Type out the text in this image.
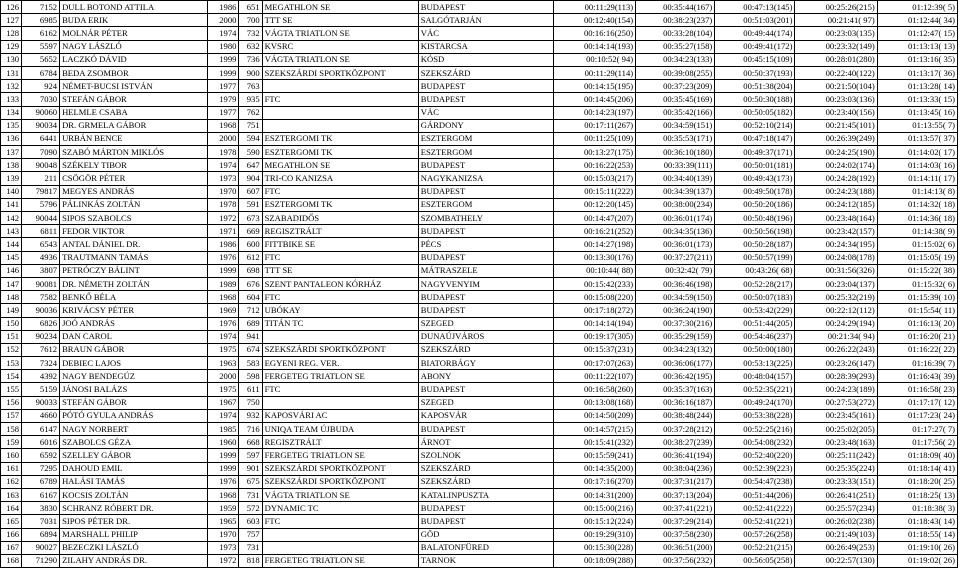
126	7152	DULL BOTOND ATTILA	1986	651	MEGATHLON SE	BUDAPEST	00:11:29(113)	00:35:44(167)	00:47:13(145)	00:25:26(215)	01:12:39( 5)
127	6985	BUDA ERIK	2000	700	TTT SE	SALGÓTARJÁN	00:12:40(154)	00:38:23(237)	00:51:03(201)	00:21:41( 97)	01:12:44( 34)
128	6162	MOLNÁR PÉTER	1974	732	VÁGTA TRIATLON SE	VÁC	00:16:16(250)	00:33:28(104)	00:49:44(174)	00:23:03(135)	01:12:47( 15)
129	5597	NAGY LÁSZLÓ	1980	632	KVSRC	KISTARCSA	00:14:14(193)	00:35:27(158)	00:49:41(172)	00:23:32(149)	01:13:13( 13)
130	5652	LACZKÓ DÁVID	1999	736	VÁGTA TRIATLON SE	KÓSD	00:10:52( 94)	00:34:23(133)	00:45:15(109)	00:28:01(280)	01:13:16( 35)
131	6784	BEDA ZSOMBOR	1999	900	SZEKSZÁRDI SPORTKÖZPONT	SZEKSZÁRD	00:11:29(114)	00:39:08(255)	00:50:37(193)	00:22:40(122)	01:13:17( 36)
132	924	NÉMET-BUCSI ISTVÁN	1977	763		BUDAPEST	00:14:15(195)	00:37:23(209)	00:51:38(204)	00:21:50(104)	01:13:28( 14)
133	7030	STEFÁN GÁBOR	1979	935	FTC	BUDAPEST	00:14:45(206)	00:35:45(169)	00:50:30(188)	00:23:03(136)	01:13:33( 15)
134	90060	HELMLE CSABA	1977	762		VÁC	00:14:23(197)	00:35:42(166)	00:50:05(182)	00:23:40(156)	01:13:45( 16)
135	90034	DR. GRMELA GÁBOR	1968	751		GÁRDONY	00:17:11(267)	00:34:59(151)	00:52:10(214)	00:21:45(101)	01:13:55( 7)
136	6441	URBÁN BENCE	2000	594	ESZTERGOMI TK	ESZTERGOM	00:11:25(109)	00:35:53(171)	00:47:18(147)	00:26:39(249)	01:13:57( 37)
137	7090	SZABÓ MÁRTON MIKLÓS	1978	590	ESZTERGOMI TK	ESZTERGOM	00:13:27(175)	00:36:10(180)	00:49:37(171)	00:24:25(190)	01:14:02( 17)
138	90048	SZÉKELY TIBOR	1974	647	MEGATHLON SE	BUDAPEST	00:16:22(253)	00:33:39(111)	00:50:01(181)	00:24:02(174)	01:14:03( 16)
139	211	CSÖGÖR PÉTER	1973	904	TRI-CO KANIZSA	NAGYKANIZSA	00:15:03(217)	00:34:40(139)	00:49:43(173)	00:24:28(192)	01:14:11( 17)
140	79817	MEGYES ANDRÁS	1970	607	FTC	BUDAPEST	00:15:11(222)	00:34:39(137)	00:49:50(178)	00:24:23(188)	01:14:13( 8)
141	5796	PÁLINKÁS ZOLTÁN	1978	591	ESZTERGOMI TK	ESZTERGOM	00:12:20(145)	00:38:00(234)	00:50:20(186)	00:24:12(185)	01:14:32( 18)
142	90044	SIPOS SZABOLCS	1972	673	SZABADIDŐS	SZOMBATHELY	00:14:47(207)	00:36:01(174)	00:50:48(196)	00:23:48(164)	01:14:36( 18)
143	6811	FEDOR VIKTOR	1971	669	REGISZTRÁLT	BUDAPEST	00:16:21(252)	00:34:35(136)	00:50:56(198)	00:23:42(157)	01:14:38( 9)
144	6543	ANTAL DÁNIEL DR.	1986	600	FITTBIKE SE	PÉCS	00:14:27(198)	00:36:01(173)	00:50:28(187)	00:24:34(195)	01:15:02( 6)
145	4936	TRAUTMANN TAMÁS	1976	612	FTC	BUDAPEST	00:13:30(176)	00:37:27(211)	00:50:57(199)	00:24:08(178)	01:15:05( 19)
146	3807	PETRÓCZY BÁLINT	1999	698	TTT SE	MÁTRASZELE	00:10:44( 88)	00:32:42( 79)	00:43:26( 68)	00:31:56(326)	01:15:22( 38)
147	90081	DR. NÉMETH ZOLTÁN	1989	676	SZENT PANTALEON KÓRHÁZ	NAGYVENYIM	00:15:42(233)	00:36:46(198)	00:52:28(217)	00:23:04(137)	01:15:32( 6)
148	7582	BENKŐ BÉLA	1968	604	FTC	BUDAPEST	00:15:08(220)	00:34:59(150)	00:50:07(183)	00:25:32(219)	01:15:39( 10)
149	90036	KRIVÁCSY PÉTER	1969	712	UBÓKAY	BUDAPEST	00:17:18(272)	00:36:24(190)	00:53:42(229)	00:22:12(112)	01:15:54( 11)
150	6826	JOÓ ANDRÁS	1976	689	TITÁN TC	SZEGED	00:14:14(194)	00:37:30(216)	00:51:44(205)	00:24:29(194)	01:16:13( 20)
151	90234	DAN CAROL	1974	941		DUNAÚJVÁROS	00:19:17(305)	00:35:29(159)	00:54:46(237)	00:21:34( 94)	01:16:20( 21)
152	7612	BRAUN GÁBOR	1975	674	SZEKSZÁRDI SPORTKÖZPONT	SZEKSZÁRD	00:15:37(231)	00:34:23(132)	00:50:00(180)	00:26:22(243)	01:16:22( 22)
153	7324	DEBIEC LAJOS	1963	583	EGYENI REG. VER.	BIATORBÁGY	00:17:07(263)	00:36:06(177)	00:53:13(225)	00:23:26(147)	01:16:39( 7)
154	4392	NAGY BENDEGÚZ	2000	598	FERGETEG TRIATLON SE	ABONY	00:11:22(107)	00:36:42(195)	00:48:04(157)	00:28:39(293)	01:16:43( 39)
155	5159	JÁNOSI BALÁZS	1975	611	FTC	BUDAPEST	00:16:58(260)	00:35:37(163)	00:52:35(221)	00:24:23(189)	01:16:58( 23)
156	90033	STEFÁN GÁBOR	1967	750		SZEGED	00:13:08(168)	00:36:16(187)	00:49:24(170)	00:27:53(272)	01:17:17( 12)
157	4660	PÓTÓ GYULA ANDRÁS	1974	932	KAPOSVÁRI AC	KAPOSVÁR	00:14:50(209)	00:38:48(244)	00:53:38(228)	00:23:45(161)	01:17:23( 24)
158	6147	NAGY NORBERT	1985	716	UNIQA TEAM ÚJBUDA	BUDAPEST	00:14:57(215)	00:37:28(212)	00:52:25(216)	00:25:02(205)	01:17:27( 7)
159	6016	SZABOLCS GÉZA	1960	668	REGISZTRÁLT	ÁRNOT	00:15:41(232)	00:38:27(239)	00:54:08(232)	00:23:48(163)	01:17:56( 2)
160	6592	SZELLEY GÁBOR	1999	597	FERGETEG TRIATLON SE	SZOLNOK	00:15:59(241)	00:36:41(194)	00:52:40(220)	00:25:11(242)	01:18:09( 40)
161	7295	DAHOUD EMIL	1999	901	SZEKSZÁRDI SPORTKÖZPONT	SZEKSZÁRD	00:14:35(200)	00:38:04(236)	00:52:39(223)	00:25:35(224)	01:18:14( 41)
162	6789	HALÁSI TAMÁS	1976	675	SZEKSZÁRDI SPORTKÖZPONT	SZEKSZÁRD	00:17:16(270)	00:37:31(217)	00:54:47(238)	00:23:33(151)	01:18:20( 25)
163	6167	KOCSIS ZOLTÁN	1968	731	VÁGTA TRIATLON SE	KATALINPUSZTA	00:14:31(200)	00:37:13(204)	00:51:44(206)	00:26:41(251)	01:18:25( 13)
164	3830	SCHRANZ RÓBERT DR.	1959	572	DYNAMIC TC	BUDAPEST	00:15:00(216)	00:37:41(221)	00:52:41(222)	00:25:57(234)	01:18:38( 3)
165	7031	SIPOS PÉTER DR.	1965	603	FTC	BUDAPEST	00:15:12(224)	00:37:29(214)	00:52:41(221)	00:26:02(238)	01:18:43( 14)
166	6894	MARSHALL PHILIP	1970	757		GÖD	00:19:29(310)	00:37:58(230)	00:57:26(258)	00:21:49(103)	01:18:55( 14)
167	90027	BEZECZKI LÁSZLÓ	1973	731		BALATONFÜRED	00:15:30(228)	00:36:51(200)	00:52:21(215)	00:26:49(253)	01:19:10( 26)
168	71290	ZILAHY ANDRÁS DR.	1972	818	FERGETEG TRIATLON SE	TARNOK	00:18:09(288)	00:37:56(232)	00:56:05(258)	00:22:57(130)	01:19:02( 26)
